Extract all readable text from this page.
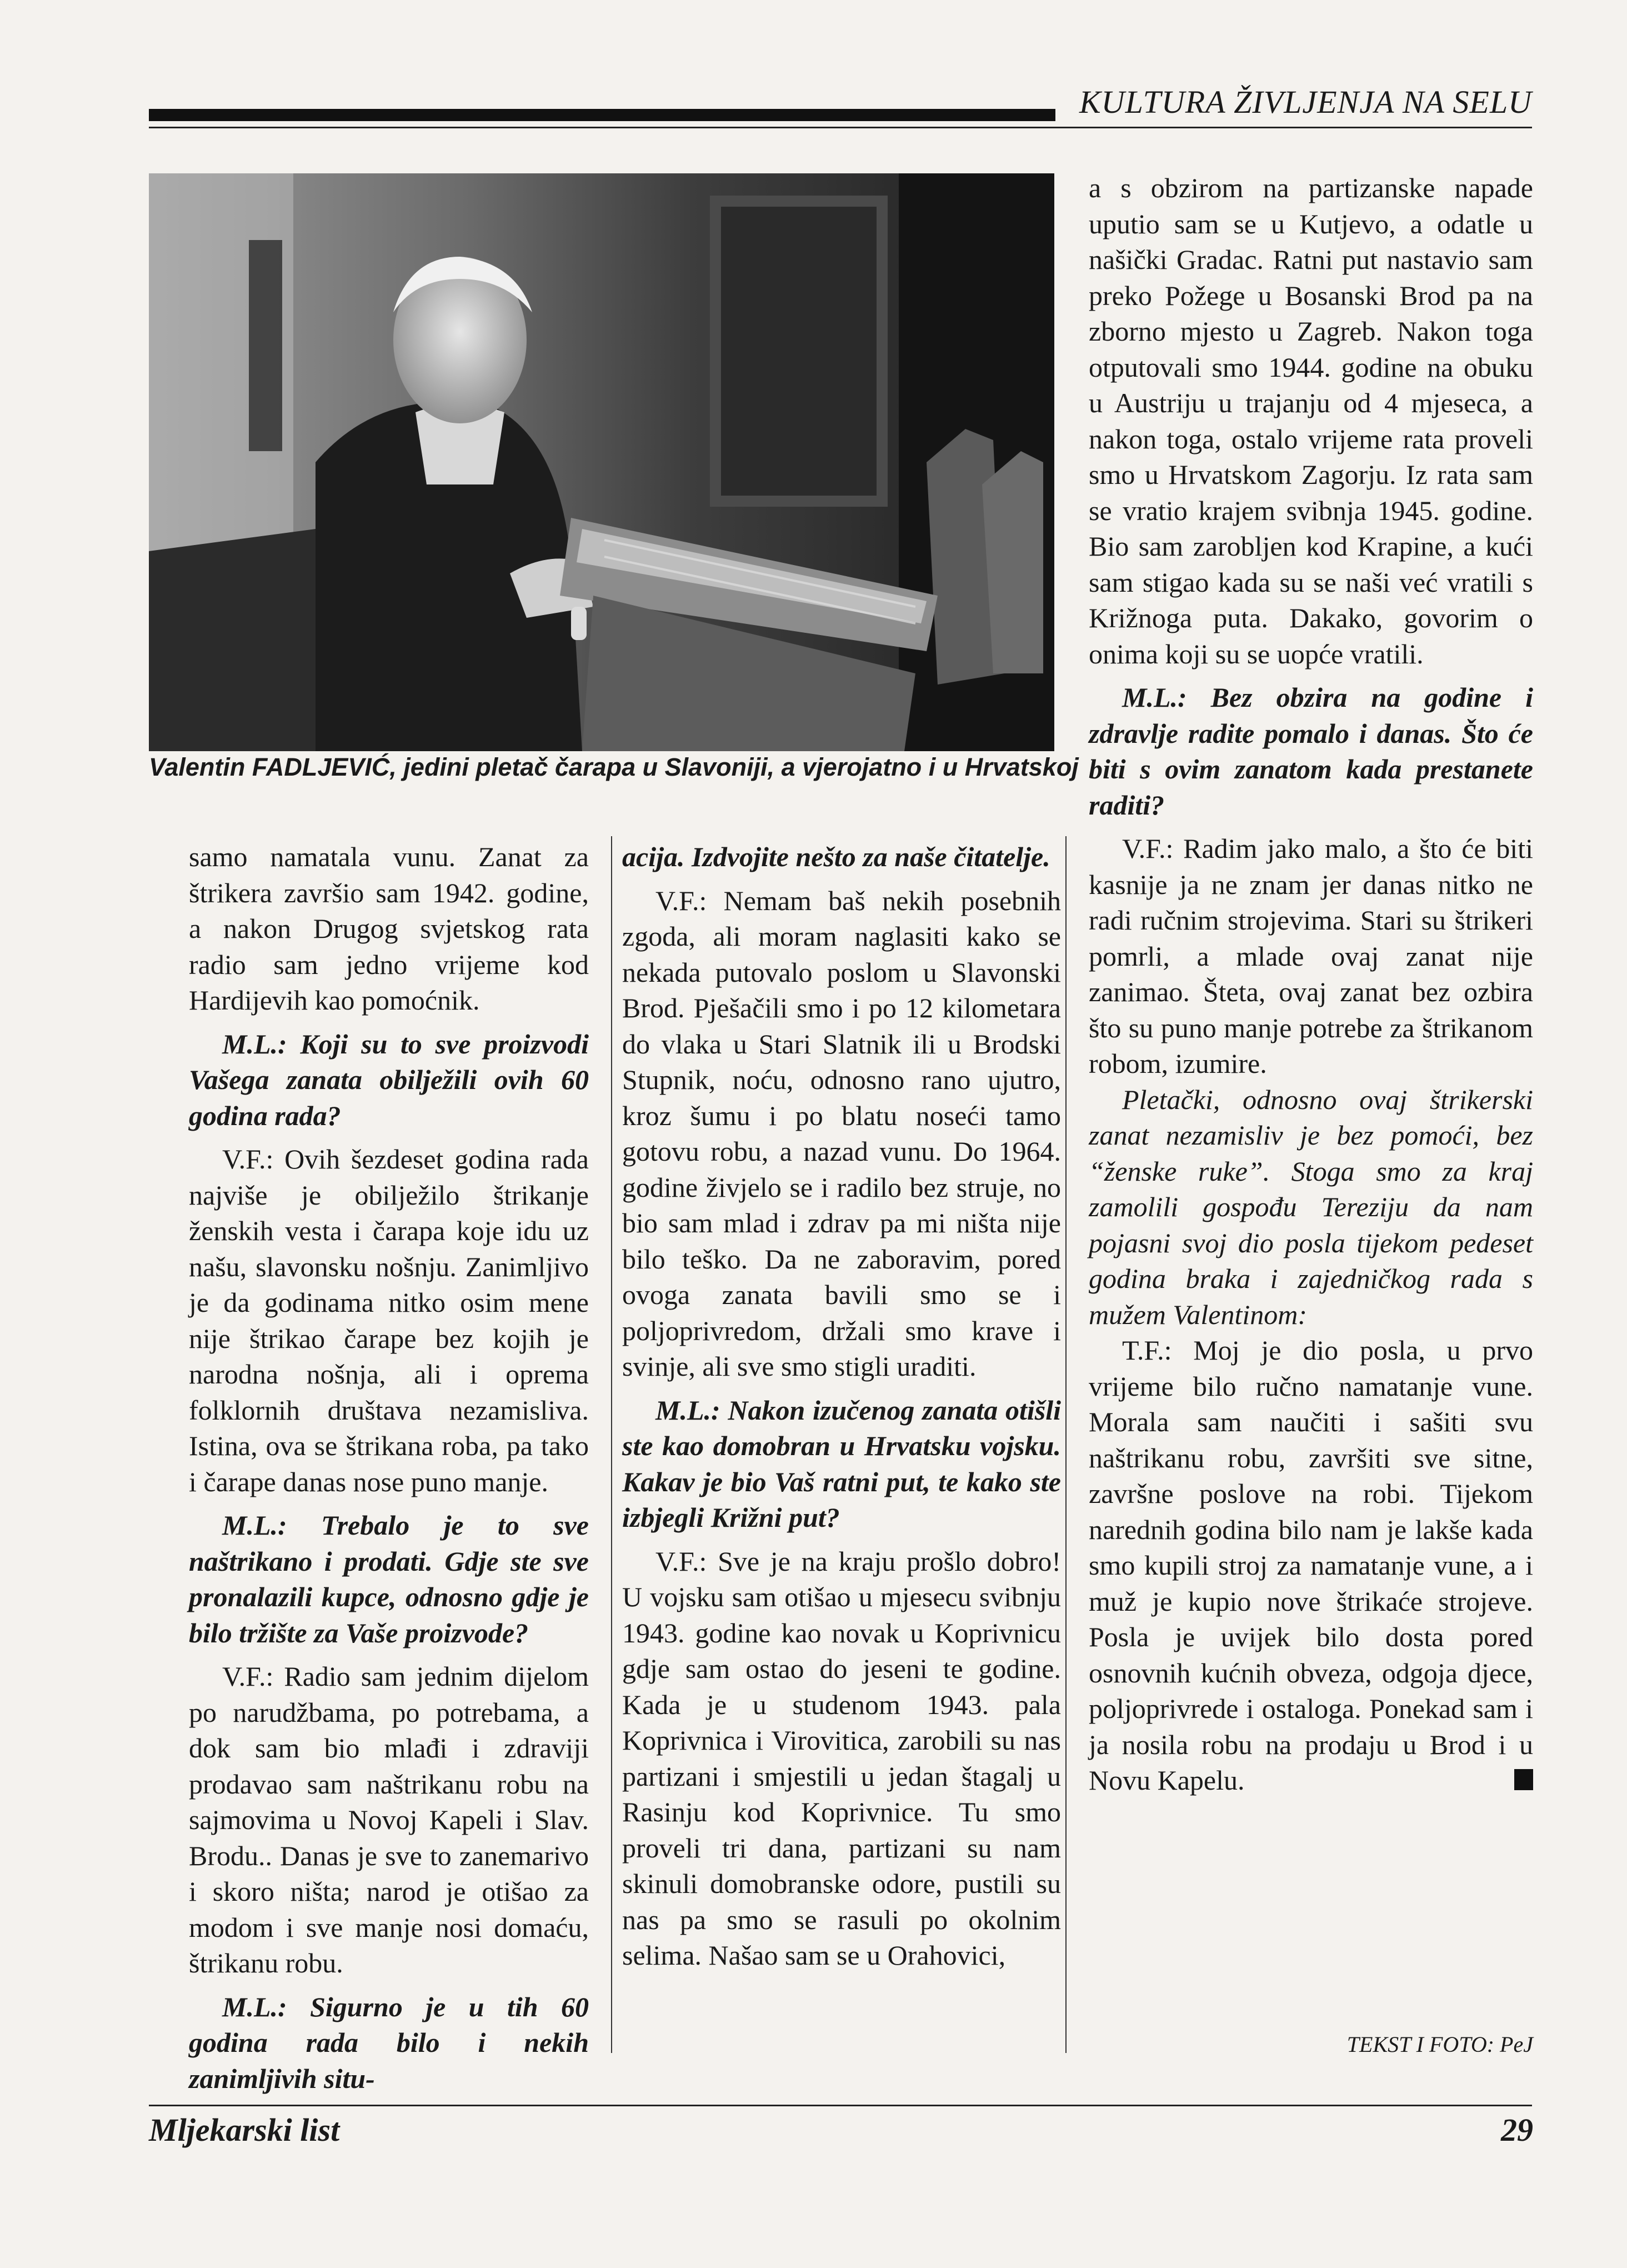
KULTURA ŽIVLJENJA NA SELU
Valentin FADLJEVIĆ, jedini pletač čarapa u Slavoniji, a vjerojatno i u Hrvatskoj

samo namatala vunu. Zanat za štrikera završio sam 1942. godine, a nakon Drugog svjetskog rata radio sam jedno vrijeme kod Hardijevih kao pomoćnik.

M.L.: Koji su to sve proizvodi Vašega zanata obilježili ovih 60 godina rada?

V.F.: Ovih šezdeset godina rada najviše je obilježilo štrikanje ženskih vesta i čarapa koje idu uz našu, slavonsku nošnju. Zanimljivo je da godinama nitko osim mene nije štrikao čarape bez kojih je narodna nošnja, ali i oprema folklornih društava nezamisliva. Istina, ova se štrikana roba, pa tako i čarape danas nose puno manje.

M.L.: Trebalo je to sve naštrikano i prodati. Gdje ste sve pronalazili kupce, odnosno gdje je bilo tržište za Vaše proizvode?

V.F.: Radio sam jednim dijelom po narudžbama, po potrebama, a dok sam bio mlađi i zdraviji prodavao sam naštrikanu robu na sajmovima u Novoj Kapeli i Slav. Brodu.. Danas je sve to zanemarivo i skoro ništa; narod je otišao za modom i sve manje nosi domaću, štrikanu robu.

M.L.: Sigurno je u tih 60 godina rada bilo i nekih zanimljivih situ-

acija. Izdvojite nešto za naše čitatelje.

V.F.: Nemam baš nekih posebnih zgoda, ali moram naglasiti kako se nekada putovalo poslom u Slavonski Brod. Pješačili smo i po 12 kilometara do vlaka u Stari Slatnik ili u Brodski Stupnik, noću, odnosno rano ujutro, kroz šumu i po blatu noseći tamo gotovu robu, a nazad vunu. Do 1964. godine živjelo se i radilo bez struje, no bio sam mlad i zdrav pa mi ništa nije bilo teško. Da ne zaboravim, pored ovoga zanata bavili smo se i poljoprivredom, držali smo krave i svinje, ali sve smo stigli uraditi.

M.L.: Nakon izučenog zanata otišli ste kao domobran u Hrvatsku vojsku. Kakav je bio Vaš ratni put, te kako ste izbjegli Križni put?

V.F.: Sve je na kraju prošlo dobro! U vojsku sam otišao u mjesecu svibnju 1943. godine kao novak u Koprivnicu gdje sam ostao do jeseni te godine. Kada je u studenom 1943. pala Koprivnica i Virovitica, zarobili su nas partizani i smjestili u jedan štagalj u Rasinju kod Koprivnice. Tu smo proveli tri dana, partizani su nam skinuli domobranske odore, pustili su nas pa smo se rasuli po okolnim selima. Našao sam se u Orahovici,

a s obzirom na partizanske napade uputio sam se u Kutjevo, a odatle u našički Gradac. Ratni put nastavio sam preko Požege u Bosanski Brod pa na zborno mjesto u Zagreb. Nakon toga otputovali smo 1944. godine na obuku u Austriju u trajanju od 4 mjeseca, a nakon toga, ostalo vrijeme rata proveli smo u Hrvatskom Zagorju. Iz rata sam se vratio krajem svibnja 1945. godine. Bio sam zarobljen kod Krapine, a kući sam stigao kada su se naši već vratili s Križnoga puta. Dakako, govorim o onima koji su se uopće vratili.

M.L.: Bez obzira na godine i zdravlje radite pomalo i danas. Što će biti s ovim zanatom kada prestanete raditi?

V.F.: Radim jako malo, a što će biti kasnije ja ne znam jer danas nitko ne radi ručnim strojevima. Stari su štrikeri pomrli, a mlade ovaj zanat nije zanimao. Šteta, ovaj zanat bez ozbira što su puno manje potrebe za štrikanom robom, izumire.

Pletački, odnosno ovaj štrikerski zanat nezamisliv je bez pomoći, bez “ženske ruke”. Stoga smo za kraj zamolili gospođu Tereziju da nam pojasni svoj dio posla tijekom pedeset godina braka i zajedničkog rada s mužem Valentinom:

T.F.: Moj je dio posla, u prvo vrijeme bilo ručno namatanje vune. Morala sam naučiti i sašiti svu naštrikanu robu, završiti sve sitne, završne poslove na robi. Tijekom narednih godina bilo nam je lakše kada smo kupili stroj za namatanje vune, a i muž je kupio nove štrikaće strojeve. Posla je uvijek bilo dosta pored osnovnih kućnih obveza, odgoja djece, poljoprivrede i ostaloga. Ponekad sam i ja nosila robu na prodaju u Brod i u Novu Kapelu.

TEKST I FOTO: PeJ
Mljekarski list	29
